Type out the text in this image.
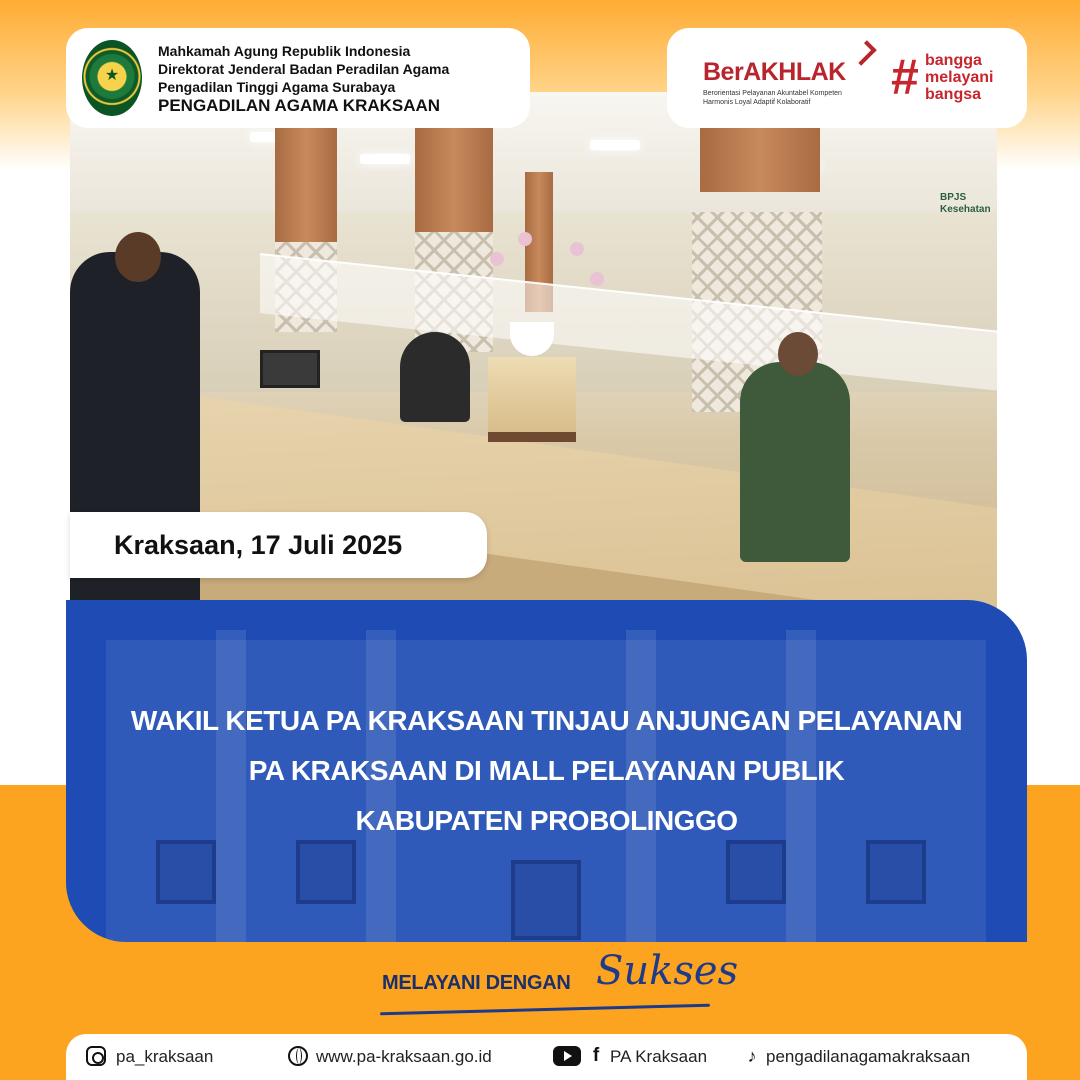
BPJS
Kesehatan
★
Mahkamah Agung Republik Indonesia
Direktorat Jenderal Badan Peradilan Agama
Pengadilan Tinggi Agama Surabaya
PENGADILAN AGAMA KRAKSAAN
BerAKHLAK
Berorientasi Pelayanan Akuntabel Kompeten
Harmonis Loyal Adaptif Kolaboratif	# bangga
melayani
bangsa
Kraksaan, 17 Juli 2025
WAKIL KETUA PA KRAKSAAN TINJAU ANJUNGAN PELAYANAN
PA KRAKSAAN DI MALL PELAYANAN PUBLIK
KABUPATEN PROBOLINGGO
MELAYANI DENGAN Sukses
pa_kraksaan	www.pa-kraksaan.go.id	f PA Kraksaan	♪ pengadilanagamakraksaan
